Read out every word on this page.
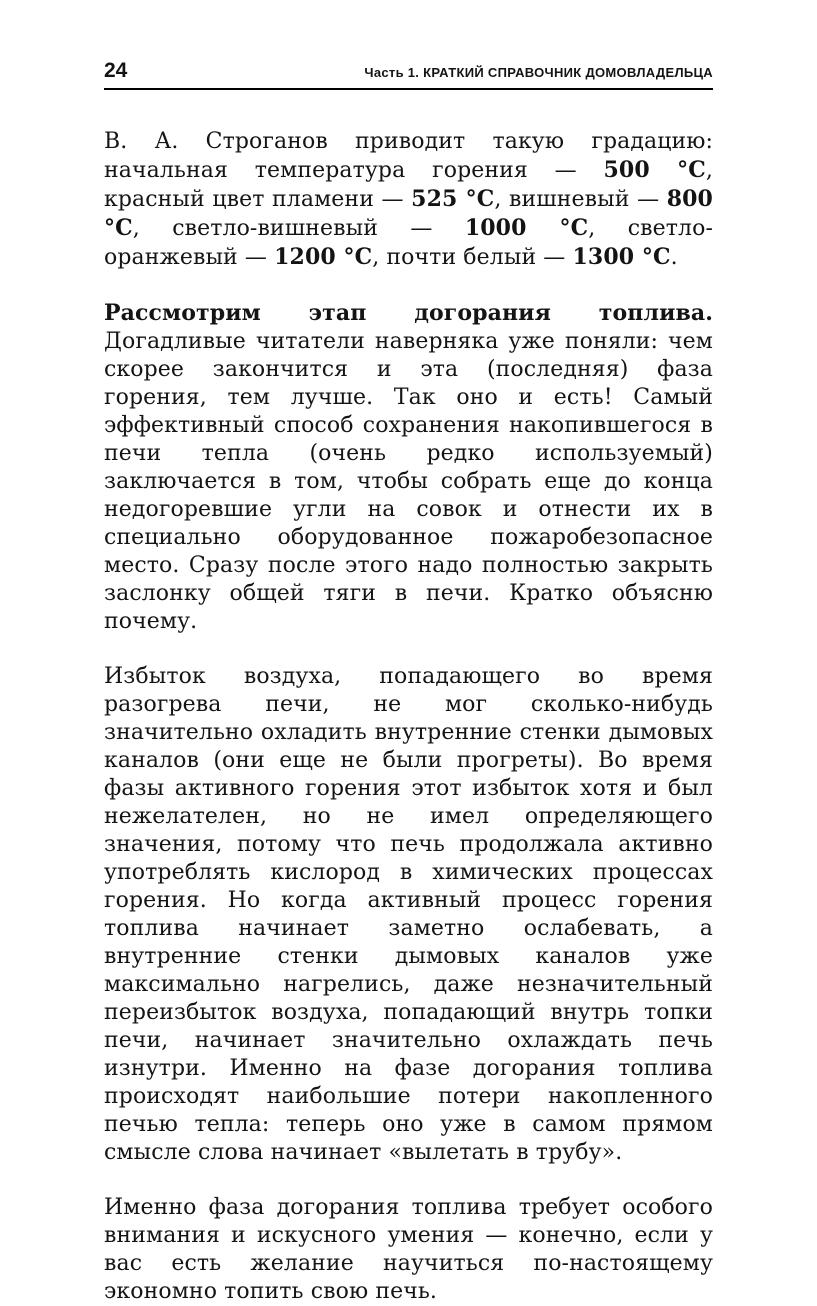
24	Часть 1. КРАТКИЙ СПРАВОЧНИК ДОМОВЛАДЕЛЬЦА

В. А. Строганов приводит такую градацию: начальная температура горения — 500 °С, красный цвет пламени — 525 °С, вишневый — 800 °С, светло-вишневый — 1000 °С, светло-оранжевый — 1200 °С, почти белый — 1300 °С.

Рассмотрим этап догорания топлива. Догадливые читатели наверняка уже поняли: чем скорее закончится и эта (последняя) фаза горения, тем лучше. Так оно и есть! Самый эффективный способ сохранения накопившегося в печи тепла (очень редко используемый) заключается в том, чтобы собрать еще до конца недогоревшие угли на совок и отнести их в специально оборудованное пожаробезопасное место. Сразу после этого надо полностью закрыть заслонку общей тяги в печи. Кратко объясню почему.

Избыток воздуха, попадающего во время разогрева печи, не мог сколько-нибудь значительно охладить внутренние стенки дымовых каналов (они еще не были прогреты). Во время фазы активного горения этот избыток хотя и был нежелателен, но не имел определяющего значения, потому что печь продолжала активно употреблять кислород в химических процессах горения. Но когда активный процесс горения топлива начинает заметно ослабевать, а внутренние стенки дымовых каналов уже максимально нагрелись, даже незначительный переизбыток воздуха, попадающий внутрь топки печи, начинает значительно охлаждать печь изнутри. Именно на фазе догорания топлива происходят наибольшие потери накопленного печью тепла: теперь оно уже в самом прямом смысле слова начинает «вылетать в трубу».

Именно фаза догорания топлива требует особого внимания и искусного умения — конечно, если у вас есть желание научиться по-настоящему экономно топить свою печь.
